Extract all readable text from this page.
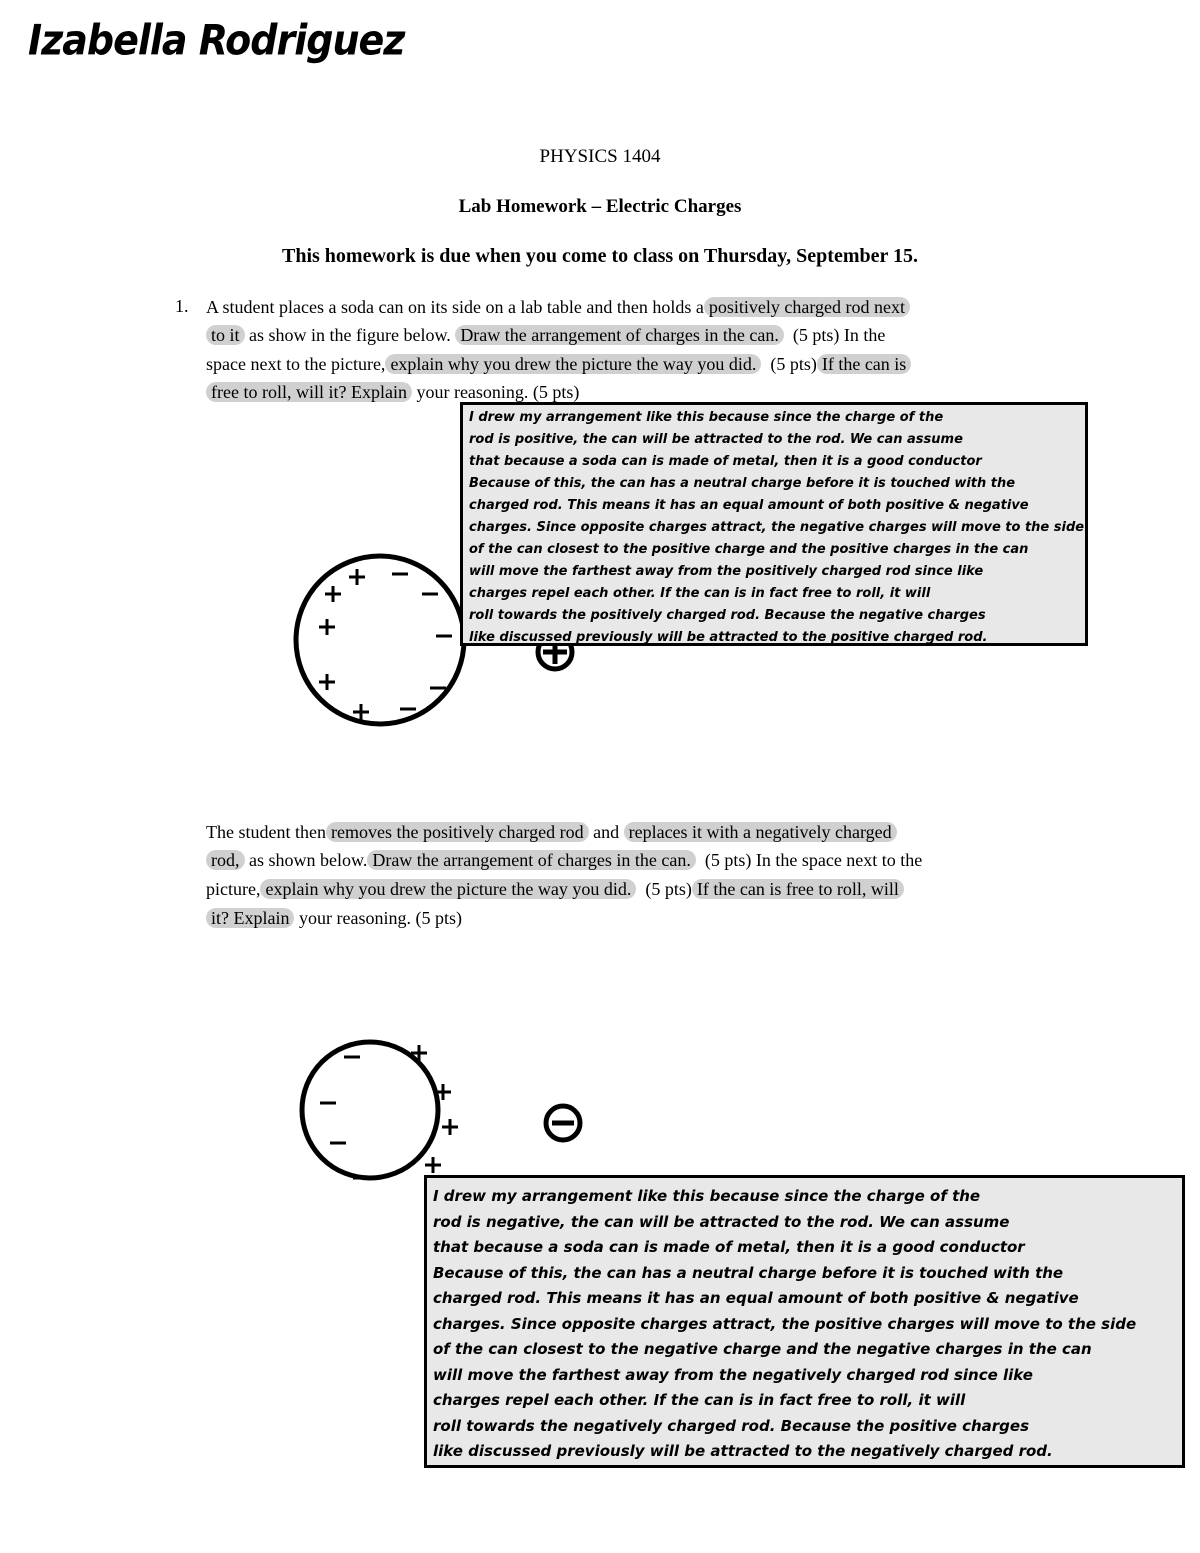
Izabella Rodriguez
PHYSICS 1404
Lab Homework – Electric Charges
This homework is due when you come to class on Thursday, September 15.
1. A student places a soda can on its side on a lab table and then holds a positively charged rod next
to it as show in the figure below. Draw the arrangement of charges in the can.  (5 pts) In the
space next to the picture, explain why you drew the picture the way you did.  (5 pts) If the can is
free to roll, will it? Explain your reasoning. (5 pts)
The student then removes the positively charged rod and replaces it with a negatively charged
rod, as shown below. Draw the arrangement of charges in the can.  (5 pts) In the space next to the
picture, explain why you drew the picture the way you did.  (5 pts) If the can is free to roll, will
it? Explain your reasoning. (5 pts)
I drew my arrangement like this because since the charge of the
rod is positive, the can will be attracted to the rod. We can assume
that because a soda can is made of metal, then it is a good conductor
Because of this, the can has a neutral charge before it is touched with the
charged rod. This means it has an equal amount of both positive & negative
charges. Since opposite charges attract, the negative charges will move to the side
of the can closest to the positive charge and the positive charges in the can
will move the farthest away from the positively charged rod since like
charges repel each other. If the can is in fact free to roll, it will
roll towards the positively charged rod. Because the negative charges
like discussed previously will be attracted to the positive charged rod.
I drew my arrangement like this because since the charge of the
rod is negative, the can will be attracted to the rod. We can assume
that because a soda can is made of metal, then it is a good conductor
Because of this, the can has a neutral charge before it is touched with the
charged rod. This means it has an equal amount of both positive & negative
charges. Since opposite charges attract, the positive charges will move to the side
of the can closest to the negative charge and the negative charges in the can
will move the farthest away from the negatively charged rod since like
charges repel each other. If the can is in fact free to roll, it will
roll towards the negatively charged rod. Because the positive charges
like discussed previously will be attracted to the negatively charged rod.
